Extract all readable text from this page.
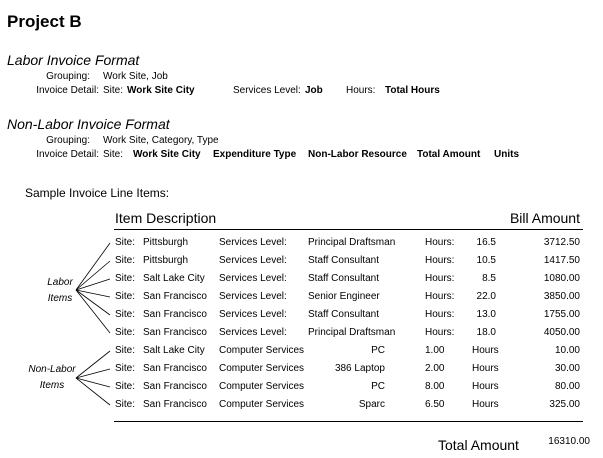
Project B
Labor Invoice Format
Grouping: Work Site, Job
Invoice Detail: Site: Work Site City	Services Level: Job Hours: Total Hours
Non-Labor Invoice Format
Grouping: Work Site, Category, Type
Invoice Detail: Site: Work Site City Expenditure Type Non-Labor Resource Total Amount Units
Sample Invoice Line Items:
Item Description	Bill Amount
Labor
Items
Non-Labor
Items
Site: Pittsburgh	Services Level: Principal Draftsman	Hours:	16.5	3712.50
Site: Pittsburgh	Services Level: Staff Consultant	Hours:	10.5	1417.50
Site: Salt Lake City Services Level: Staff Consultant	Hours:	8.5	1080.00
Site: San Francisco Services Level: Senior Engineer	Hours:	22.0	3850.00
Site: San Francisco Services Level: Staff Consultant	Hours:	13.0	1755.00
Site: San Francisco Services Level: Principal Draftsman	Hours:	18.0	4050.00
Site: Salt Lake City Computer Services	PC	1.00	Hours	10.00
Site: San Francisco Computer Services	386 Laptop	2.00	Hours	30.00
Site: San Francisco Computer Services	PC	8.00	Hours	80.00
Site: San Francisco Computer Services	Sparc	6.50	Hours	325.00
Total Amount	16310.00
